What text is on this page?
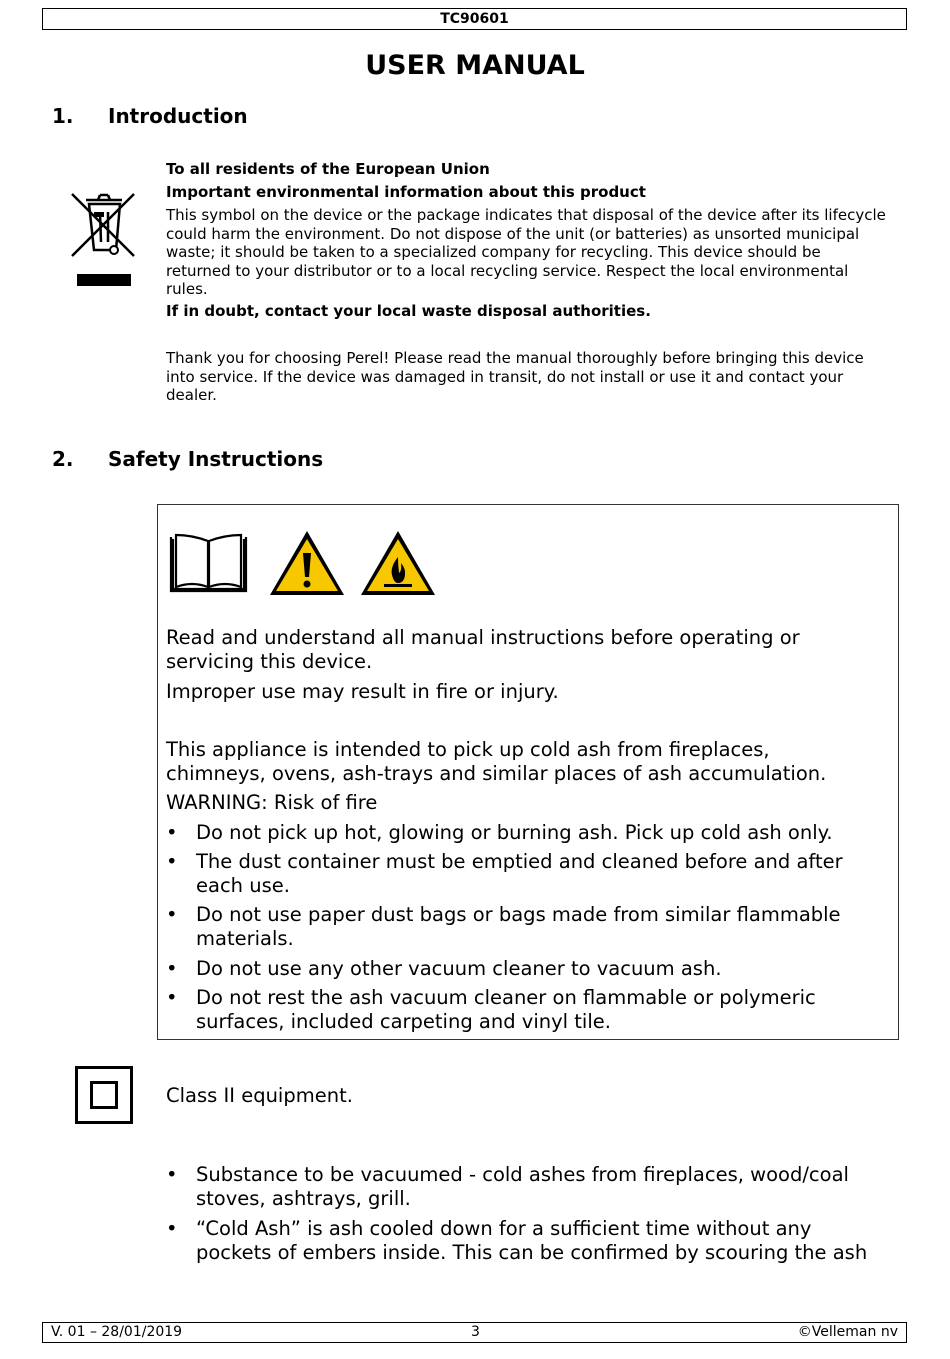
TC90601
USER MANUAL
1. Introduction
To all residents of the European Union
Important environmental information about this product
This symbol on the device or the package indicates that disposal of the device after its lifecycle
could harm the environment. Do not dispose of the unit (or batteries) as unsorted municipal
waste; it should be taken to a specialized company for recycling. This device should be
returned to your distributor or to a local recycling service. Respect the local environmental
rules.
If in doubt, contact your local waste disposal authorities.
Thank you for choosing Perel! Please read the manual thoroughly before bringing this device
into service. If the device was damaged in transit, do not install or use it and contact your
dealer.
2. Safety Instructions
Read and understand all manual instructions before operating or
servicing this device.
Improper use may result in fire or injury.
This appliance is intended to pick up cold ash from fireplaces,
chimneys, ovens, ash-trays and similar places of ash accumulation.
WARNING: Risk of fire
• Do not pick up hot, glowing or burning ash. Pick up cold ash only.
• The dust container must be emptied and cleaned before and after
each use.
• Do not use paper dust bags or bags made from similar flammable
materials.
• Do not use any other vacuum cleaner to vacuum ash.
• Do not rest the ash vacuum cleaner on flammable or polymeric
surfaces, included carpeting and vinyl tile.
Class II equipment.
• Substance to be vacuumed - cold ashes from fireplaces, wood/coal
stoves, ashtrays, grill.
• “Cold Ash” is ash cooled down for a sufficient time without any
pockets of embers inside. This can be confirmed by scouring the ash
V. 01 – 28/01/2019	3	©Velleman nv
